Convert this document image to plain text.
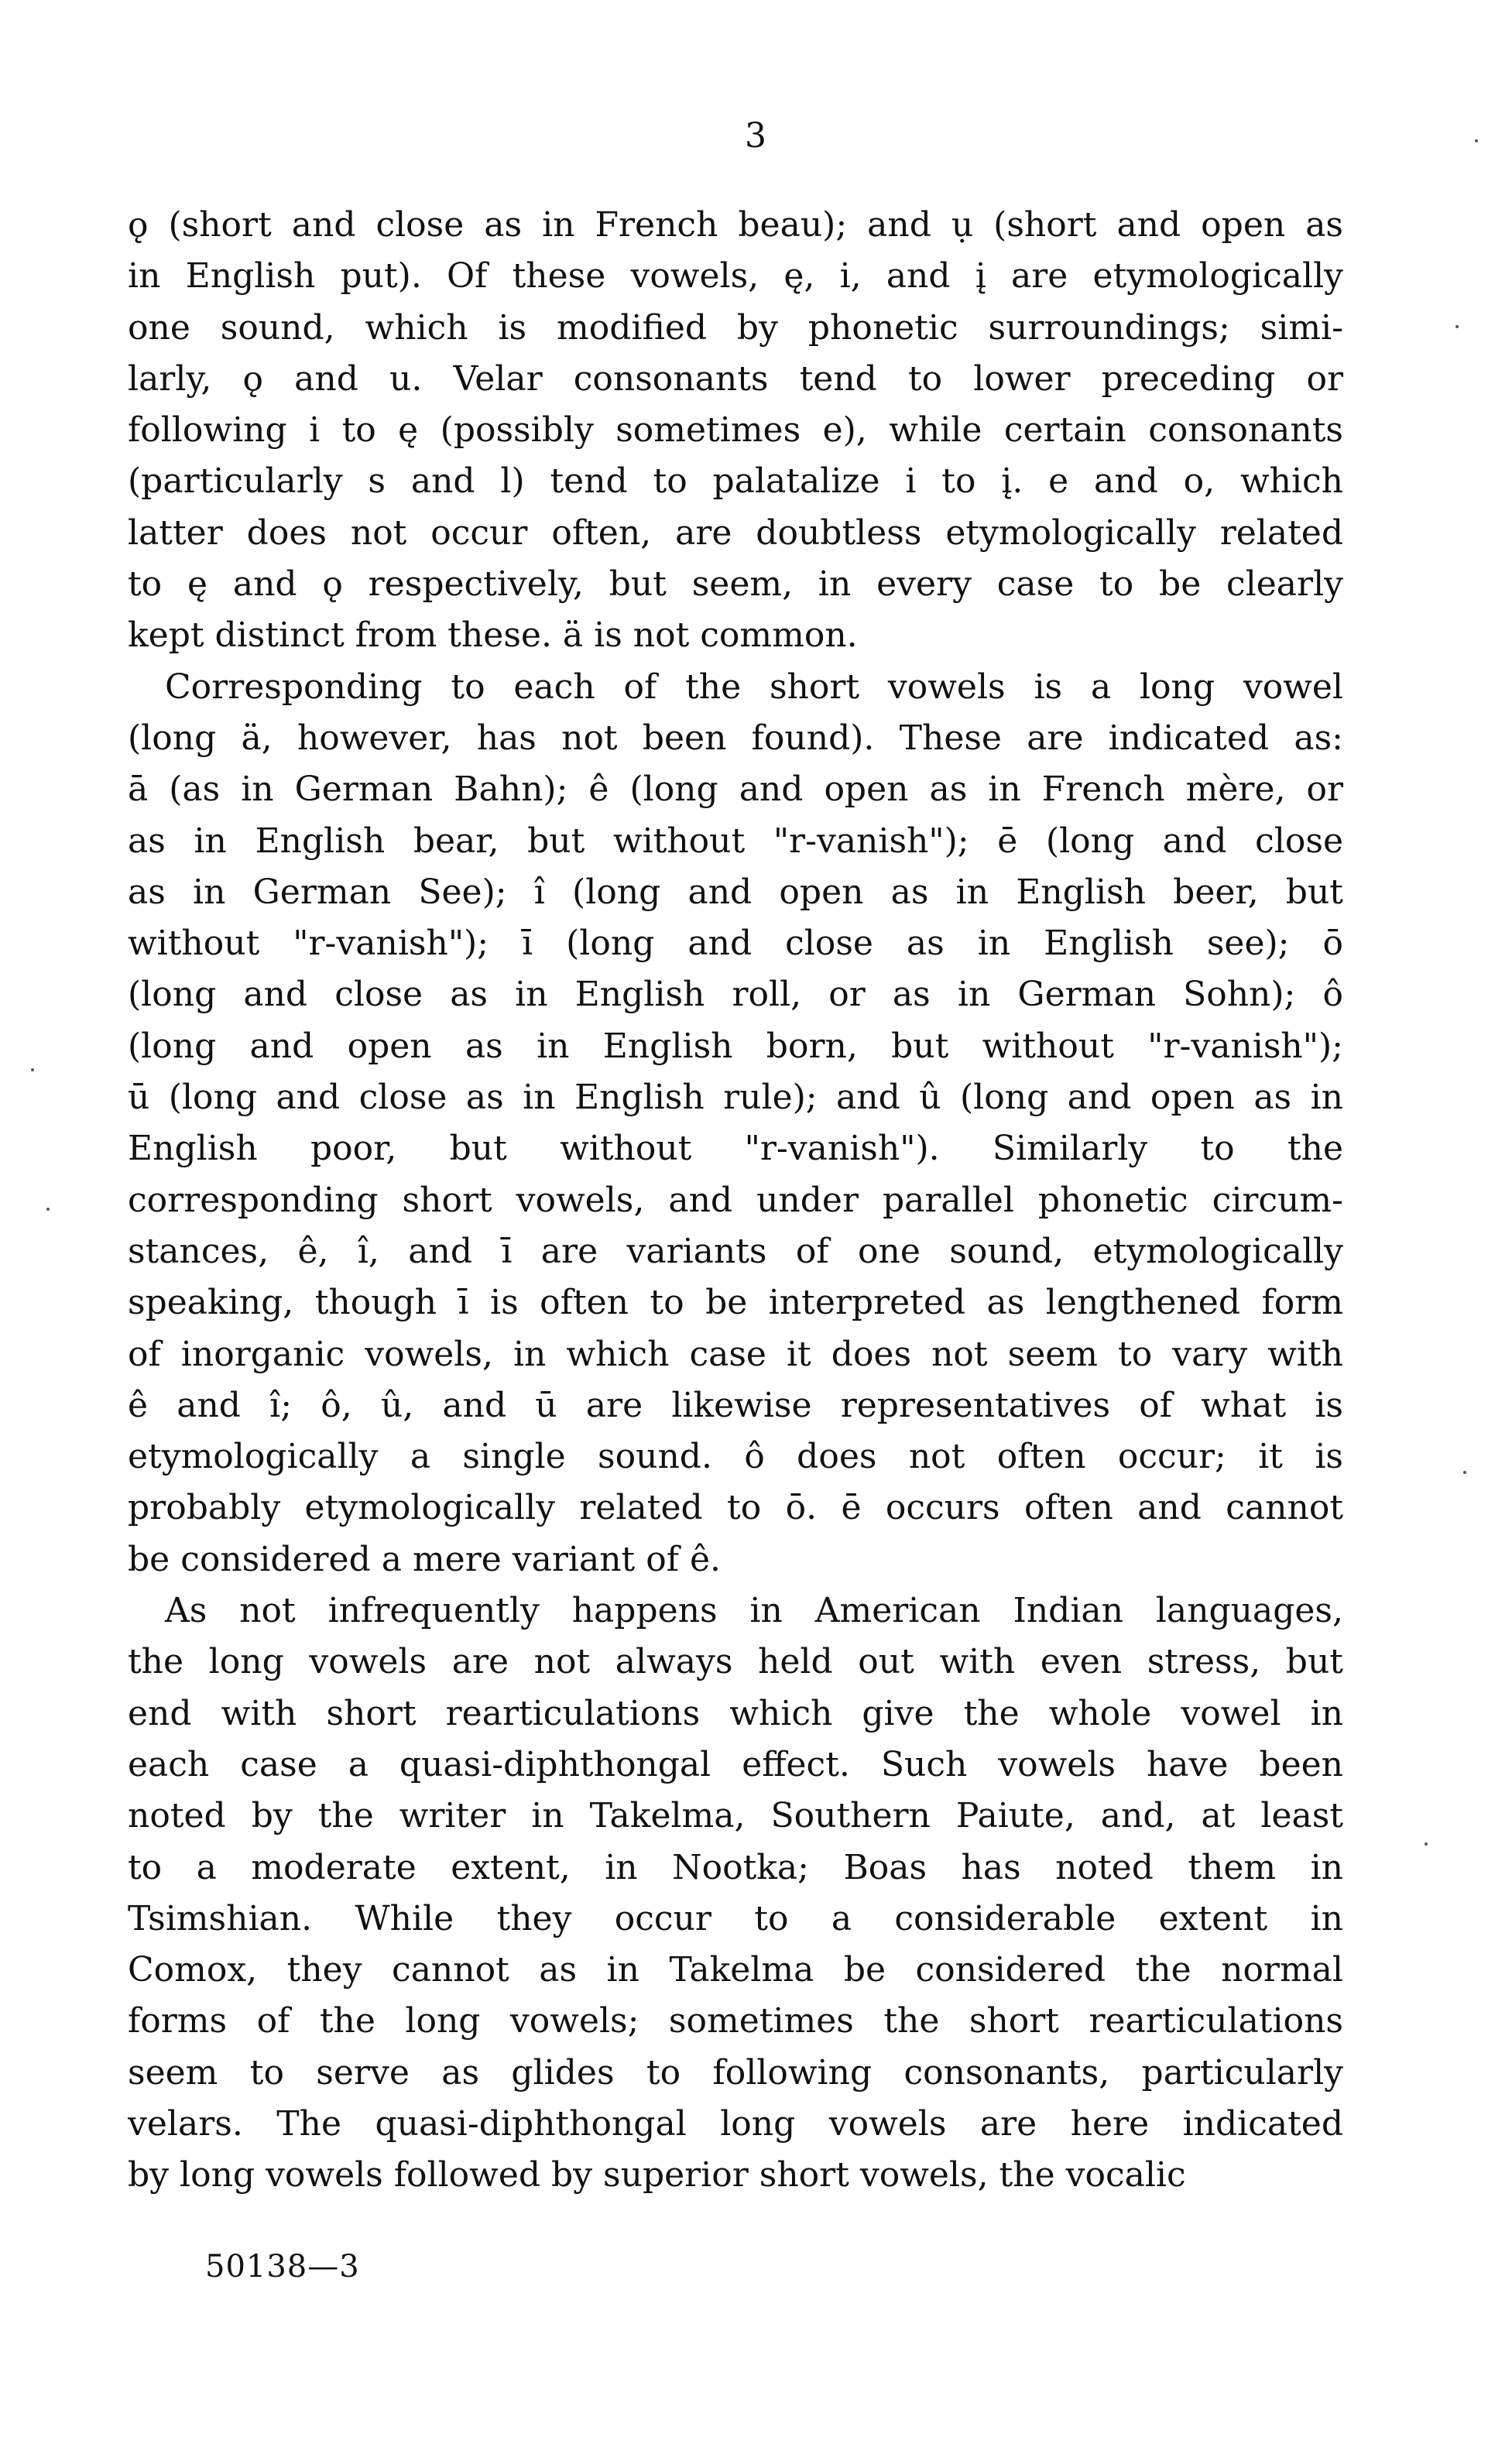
3
ǫ (short and close as in French beau); and ụ (short and open as
in English put). Of these vowels, ę, i, and į are etymologically
one sound, which is modified by phonetic surroundings; simi-
larly, ǫ and u. Velar consonants tend to lower preceding or
following i to ę (possibly sometimes e), while certain consonants
(particularly s and l) tend to palatalize i to į. e and o, which
latter does not occur often, are doubtless etymologically related
to ę and ǫ respectively, but seem, in every case to be clearly
kept distinct from these. ä is not common.
Corresponding to each of the short vowels is a long vowel
(long ä, however, has not been found). These are indicated as:
ā (as in German Bahn); ê (long and open as in French mère, or
as in English bear, but without "r-vanish"); ē (long and close
as in German See); î (long and open as in English beer, but
without "r-vanish"); ī (long and close as in English see); ō
(long and close as in English roll, or as in German Sohn); ô
(long and open as in English born, but without "r-vanish");
ū (long and close as in English rule); and û (long and open as in
English poor, but without "r-vanish"). Similarly to the
corresponding short vowels, and under parallel phonetic circum-
stances, ê, î, and ī are variants of one sound, etymologically
speaking, though ī is often to be interpreted as lengthened form
of inorganic vowels, in which case it does not seem to vary with
ê and î; ô, û, and ū are likewise representatives of what is
etymologically a single sound. ô does not often occur; it is
probably etymologically related to ō. ē occurs often and cannot
be considered a mere variant of ê.
As not infrequently happens in American Indian languages,
the long vowels are not always held out with even stress, but
end with short rearticulations which give the whole vowel in
each case a quasi-diphthongal effect. Such vowels have been
noted by the writer in Takelma, Southern Paiute, and, at least
to a moderate extent, in Nootka; Boas has noted them in
Tsimshian. While they occur to a considerable extent in
Comox, they cannot as in Takelma be considered the normal
forms of the long vowels; sometimes the short rearticulations
seem to serve as glides to following consonants, particularly
velars. The quasi-diphthongal long vowels are here indicated
by long vowels followed by superior short vowels, the vocalic
50138—3
